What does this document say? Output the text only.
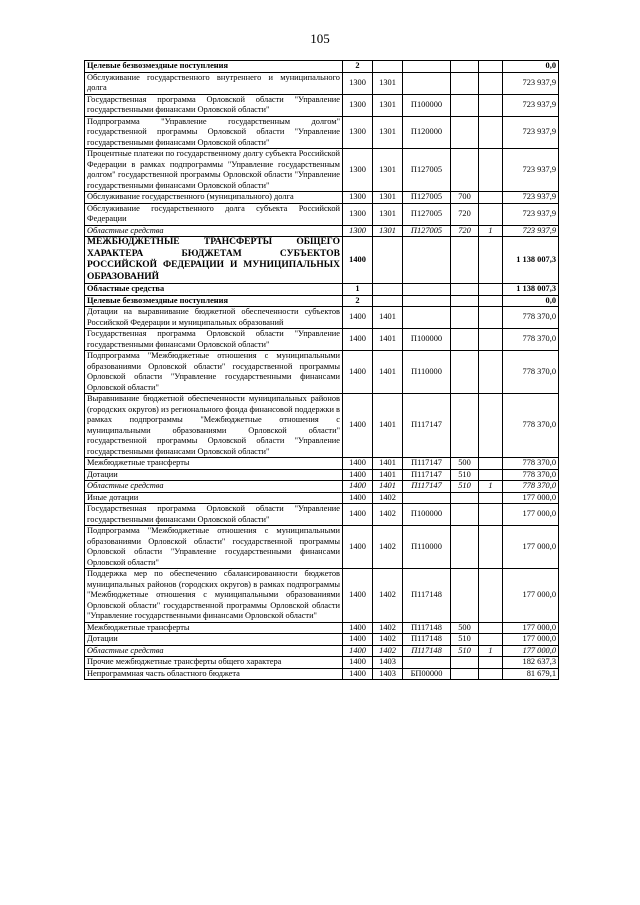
105
Целевые безвозмездные поступления	2					0,0
Обслуживание государственного внутреннего и муниципального долга	1300	1301				723 937,9
Государственная программа Орловской области "Управление государственными финансами Орловской области"	1300	1301	П100000			723 937,9
Подпрограмма "Управление государственным долгом" государственной программы Орловской области "Управление государственными финансами Орловской области"	1300	1301	П120000			723 937,9
Процентные платежи по государственному долгу субъекта Российской Федерации в рамках подпрограммы "Управление государственным долгом" государственной программы Орловской области "Управление государственными финансами Орловской области"	1300	1301	П127005			723 937,9
Обслуживание государственного (муниципального) долга	1300	1301	П127005	700		723 937,9
Обслуживание государственного долга субъекта Российской Федерации	1300	1301	П127005	720		723 937,9
Областные средства	1300	1301	П127005	720	1	723 937,9
МЕЖБЮДЖЕТНЫЕ ТРАНСФЕРТЫ ОБЩЕГО ХАРАКТЕРА БЮДЖЕТАМ СУБЪЕКТОВ РОССИЙСКОЙ ФЕДЕРАЦИИ И МУНИЦИПАЛЬНЫХ ОБРАЗОВАНИЙ	1400					1 138 007,3
Областные средства	1					1 138 007,3
Целевые безвозмездные поступления	2					0,0
Дотации на выравнивание бюджетной обеспеченности субъектов Российской Федерации и муниципальных образований	1400	1401				778 370,0
Государственная программа Орловской области "Управление государственными финансами Орловской области"	1400	1401	П100000			778 370,0
Подпрограмма "Межбюджетные отношения с муниципальными образованиями Орловской области" государственной программы Орловской области "Управление государственными финансами Орловской области"	1400	1401	П110000			778 370,0
Выравнивание бюджетной обеспеченности муниципальных районов (городских округов) из регионального фонда финансовой поддержки в рамках подпрограммы "Межбюджетные отношения с муниципальными образованиями Орловской области" государственной программы Орловской области "Управление государственными финансами Орловской области"	1400	1401	П117147			778 370,0
Межбюджетные трансферты	1400	1401	П117147	500		778 370,0
Дотации	1400	1401	П117147	510		778 370,0
Областные средства	1400	1401	П117147	510	1	778 370,0
Иные дотации	1400	1402				177 000,0
Государственная программа Орловской области "Управление государственными финансами Орловской области"	1400	1402	П100000			177 000,0
Подпрограмма "Межбюджетные отношения с муниципальными образованиями Орловской области" государственной программы Орловской области "Управление государственными финансами Орловской области"	1400	1402	П110000			177 000,0
Поддержка мер по обеспечению сбалансированности бюджетов муниципальных районов (городских округов) в рамках подпрограммы "Межбюджетные отношения с муниципальными образованиями Орловской области" государственной программы Орловской области "Управление государственными финансами Орловской области"	1400	1402	П117148			177 000,0
Межбюджетные трансферты	1400	1402	П117148	500		177 000,0
Дотации	1400	1402	П117148	510		177 000,0
Областные средства	1400	1402	П117148	510	1	177 000,0
Прочие межбюджетные трансферты общего характера	1400	1403				182 637,3
Непрограммная часть областного бюджета	1400	1403	БП00000			81 679,1
